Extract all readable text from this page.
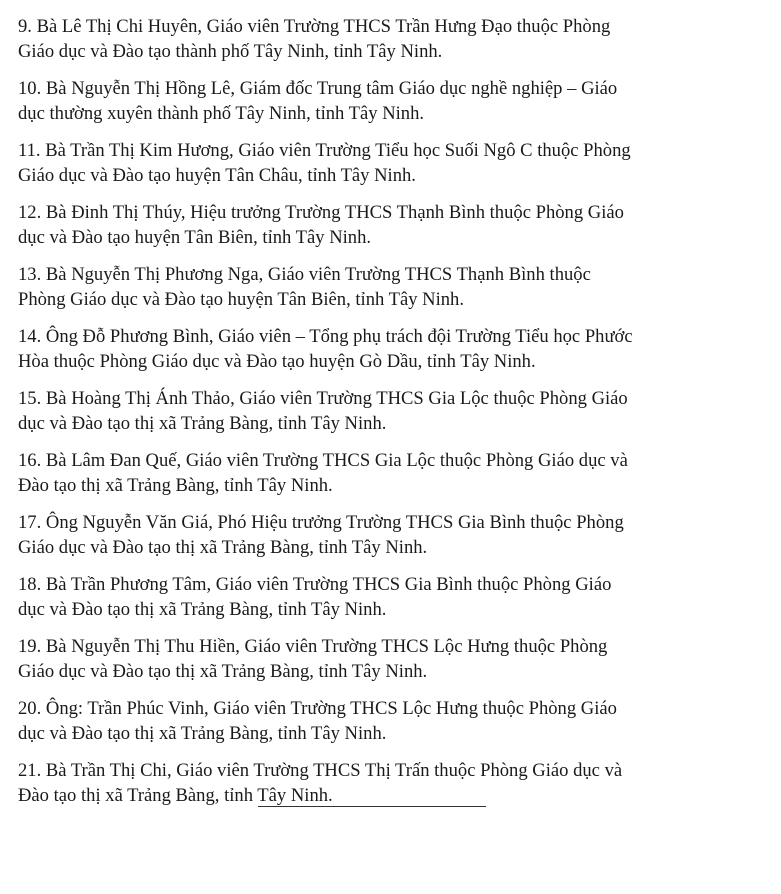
9. Bà Lê Thị Chi Huyên, Giáo viên Trường THCS Trần Hưng Đạo thuộc Phòng
Giáo dục và Đào tạo thành phố Tây Ninh, tỉnh Tây Ninh.
10. Bà Nguyễn Thị Hồng Lê, Giám đốc Trung tâm Giáo dục nghề nghiệp – Giáo
dục thường xuyên thành phố Tây Ninh, tỉnh Tây Ninh.
11. Bà Trần Thị Kim Hương, Giáo viên Trường Tiểu học Suối Ngô C thuộc Phòng
Giáo dục và Đào tạo huyện Tân Châu, tỉnh Tây Ninh.
12. Bà Đinh Thị Thúy, Hiệu trưởng Trường THCS Thạnh Bình thuộc Phòng Giáo
dục và Đào tạo huyện Tân Biên, tỉnh Tây Ninh.
13. Bà Nguyễn Thị Phương Nga, Giáo viên Trường THCS Thạnh Bình thuộc
Phòng Giáo dục và Đào tạo huyện Tân Biên, tỉnh Tây Ninh.
14. Ông Đỗ Phương Bình, Giáo viên – Tổng phụ trách đội Trường Tiểu học Phước
Hòa thuộc Phòng Giáo dục và Đào tạo huyện Gò Dầu, tỉnh Tây Ninh.
15. Bà Hoàng Thị Ánh Thảo, Giáo viên Trường THCS Gia Lộc thuộc Phòng Giáo
dục và Đào tạo thị xã Trảng Bàng, tỉnh Tây Ninh.
16. Bà Lâm Đan Quế, Giáo viên Trường THCS Gia Lộc thuộc Phòng Giáo dục và
Đào tạo thị xã Trảng Bàng, tỉnh Tây Ninh.
17. Ông Nguyễn Văn Giá, Phó Hiệu trưởng Trường THCS Gia Bình thuộc Phòng
Giáo dục và Đào tạo thị xã Trảng Bàng, tỉnh Tây Ninh.
18. Bà Trần Phương Tâm, Giáo viên Trường THCS Gia Bình thuộc Phòng Giáo
dục và Đào tạo thị xã Trảng Bàng, tỉnh Tây Ninh.
19. Bà Nguyễn Thị Thu Hiền, Giáo viên Trường THCS Lộc Hưng thuộc Phòng
Giáo dục và Đào tạo thị xã Trảng Bàng, tỉnh Tây Ninh.
20. Ông: Trần Phúc Vinh, Giáo viên Trường THCS Lộc Hưng thuộc Phòng Giáo
dục và Đào tạo thị xã Trảng Bàng, tỉnh Tây Ninh.
21. Bà Trần Thị Chi, Giáo viên Trường THCS Thị Trấn thuộc Phòng Giáo dục và
Đào tạo thị xã Trảng Bàng, tỉnh Tây Ninh.
